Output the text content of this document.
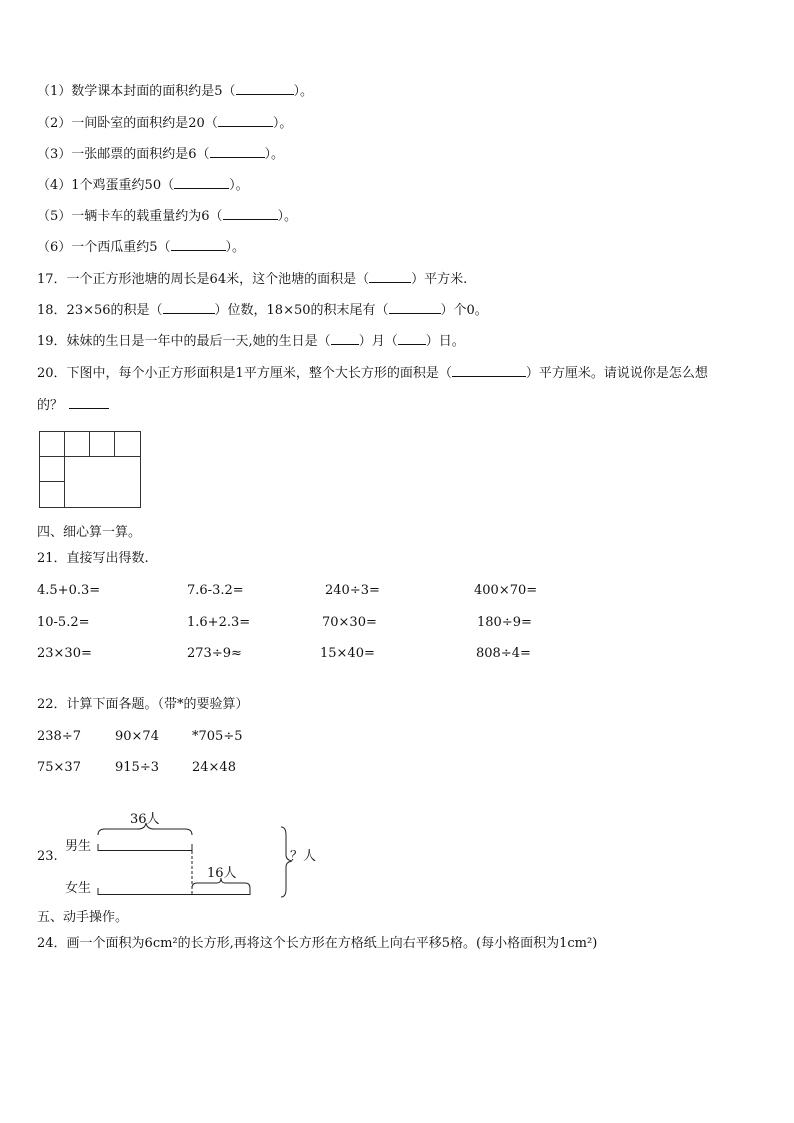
（1）数学课本封面的面积约是5（	）。
（2）一间卧室的面积约是20（	）。
（3）一张邮票的面积约是6（	）。
（4）1个鸡蛋重约50（	）。
（5）一辆卡车的载重量约为6（	）。
（6）一个西瓜重约5（	）。
17．一个正方形池塘的周长是64米，这个池塘的面积是（	）平方米.
18．23×56的积是（	）位数，18×50的积末尾有（	）个0。
19．妹妹的生日是一年中的最后一天,她的生日是（ ）月（ ）日。
20．下图中，每个小正方形面积是1平方厘米，整个大长方形的面积是（	）平方厘米。请说说你是怎么想
的？
四、细心算一算。
21．直接写出得数.
4.5+0.3=	7.6-3.2=	240÷3=	400×70=
10-5.2=	1.6+2.3=	70×30=	180÷9=
23×30=	273÷9≈	15×40=	808÷4=
22．计算下面各题。（带*的要验算）
238÷7	90×74	*705÷5
75×37	915÷3	24×48
23.
男生
女生
36人
16人
？人
五、动手操作。
24．画一个面积为6cm²的长方形,再将这个长方形在方格纸上向右平移5格。(每小格面积为1cm²)
